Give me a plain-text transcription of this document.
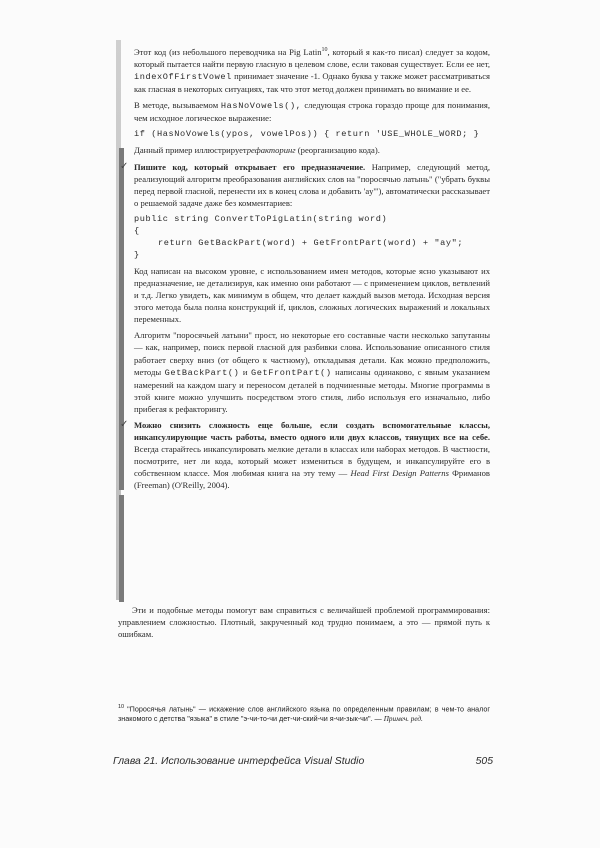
Этот код (из небольшого переводчика на Pig Latin$^{10}$, который я как-то писал) следует за кодом, который пытается найти первую гласную в целевом слове, если таковая существует. Если ее нет, indexOfFirstVowel принимает значение -1. Однако буква y также может рассматриваться как гласная в некоторых ситуациях, так что этот метод должен принимать во внимание и ее.

В методе, вызываемом HasNoVowels(), следующая строка гораздо проще для понимания, чем исходное логическое выражение:

if (HasNoVowels(ypos, vowelPos)) { return 'USE_WHOLE_WORD; }

Данный пример иллюстрируетрефакторинг (реорганизацию кода).

✓ Пишите код, который открывает его предназначение. Например, следующий метод, реализующий алгоритм преобразования английских слов на "поросячью латынь" ("убрать буквы перед первой гласной, перенести их в конец слова и добавить 'ay'"), автоматически рассказывает о решаемой задаче даже без комментариев:

public string ConvertToPigLatin(string word)
{
return GetBackPart(word) + GetFrontPart(word) + "ay";
}

Код написан на высоком уровне, с использованием имен методов, которые ясно указывают их предназначение, не детализируя, как именно они работают — с применением циклов, ветвлений и т.д. Легко увидеть, как минимум в общем, что делает каждый вызов метода. Исходная версия этого метода была полна конструкций if, циклов, сложных логических выражений и локальных переменных.

Алгоритм "поросячьей латыни" прост, но некоторые его составные части несколько запутанны — как, например, поиск первой гласной для разбивки слова. Использование описанного стиля работает сверху вниз (от общего к частному), откладывая детали. Как можно предположить, методы GetBackPart() и GetFrontPart() написаны одинаково, с явным указанием намерений на каждом шагу и переносом деталей в подчиненные методы. Многие программы в этой книге можно улучшить посредством этого стиля, либо используя его изначально, либо прибегая к рефакторингу.

✓ Можно снизить сложность еще больше, если создать вспомогательные классы, инкапсулирующие часть работы, вместо одного или двух классов, тянущих все на себе. Всегда старайтесь инкапсулировать мелкие детали в классах или наборах методов. В частности, посмотрите, нет ли кода, который может измениться в будущем, и инкапсулируйте его в собственном классе. Моя любимая книга на эту тему — Head First Design Patterns Фриманов (Freeman) (O'Reilly, 2004).

Эти и подобные методы помогут вам справиться с величайшей проблемой программирования: управлением сложностью. Плотный, закрученный код трудно понимаем, а это — прямой путь к ошибкам.
$^{10}$ "Поросячья латынь" — искажение слов английского языка по определенным правилам; в чем-то аналог знакомого с детства "языка" в стиле "э-чи-то-чи дет-чи-ский-чи я-чи-зык-чи". — Примеч. ред.
Глава 21. Использование интерфейса Visual Studio	505
